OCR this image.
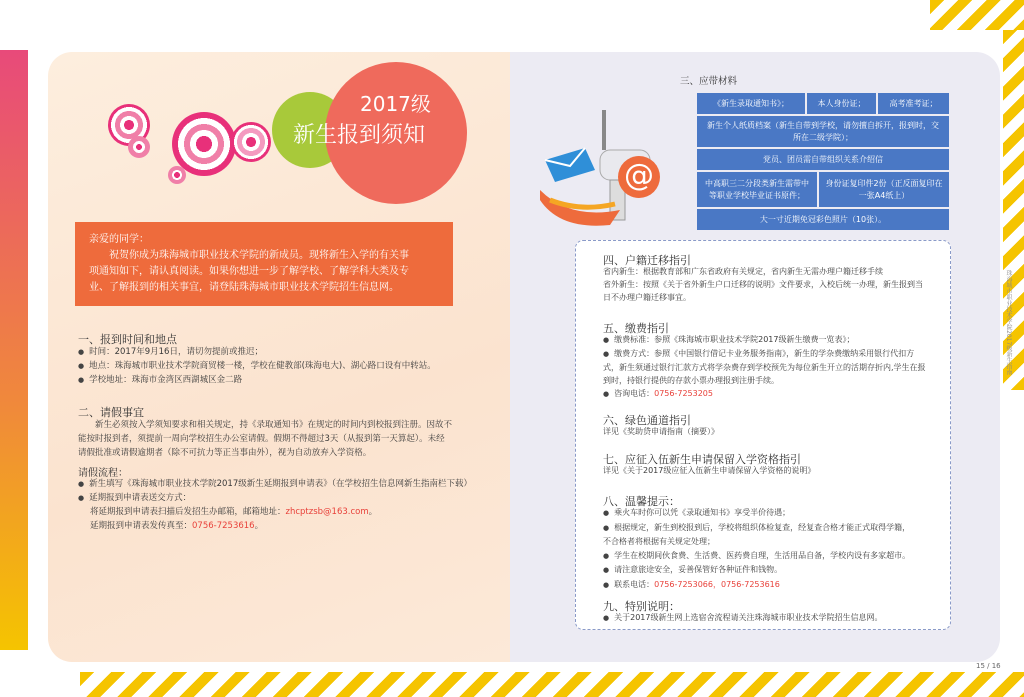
2017级
新生报到须知
亲爱的同学：
　　祝贺你成为珠海城市职业技术学院的新成员。现将新生入学的有关事
项通知如下，请认真阅读。如果你想进一步了解学校、了解学科大类及专
业、了解报到的相关事宜，请登陆珠海城市职业技术学院招生信息网。
一、报到时间和地点
● 时间：2017年9月16日，请切勿提前或推迟；
● 地点：珠海城市职业技术学院商贸楼一楼，学校在健教部(珠海电大)、湖心路口设有中转站。
● 学校地址：珠海市金湾区西湖城区金二路
二、请假事宜
　　新生必须按入学须知要求和相关规定，持《录取通知书》在规定的时间内到校报到注册。因故不
能按时报到者，须提前一周向学校招生办公室请假。假期不得超过3天（从报到第一天算起）。未经
请假批准或请假逾期者（除不可抗力等正当事由外），视为自动放弃入学资格。
请假流程：
● 新生填写《珠海城市职业技术学院2017级新生延期报到申请表》（在学校招生信息网新生指南栏下载）
● 延期报到申请表送交方式：
将延期报到申请表扫描后发招生办邮箱，邮箱地址：zhcptzsb@163.com。
延期报到申请表发传真至：0756-7253616。
@
三、应带材料
《新生录取通知书》；	本人身份证；	高考准考证；
新生个人纸质档案（新生自带到学校，请勿擅自拆开，报到时，交所在二级学院）；
党员、团员需自带组织关系介绍信
中高职三二分段类新生需带中等职业学校毕业证书原件；
身份证复印件2份（正反面复印在一张A4纸上）
大一寸近期免冠彩色照片（10张）。
四、户籍迁移指引
省内新生：根据教育部和广东省政府有关规定，省内新生无需办理户籍迁移手续
省外新生：按照《关于省外新生户口迁移的说明》文件要求，入校后统一办理，新生报到当
日不办理户籍迁移事宜。
五、缴费指引
● 缴费标准：参照《珠海城市职业技术学院2017级新生缴费一览表》；
● 缴费方式：参照《中国银行借记卡业务服务指南》，新生的学杂费缴纳采用银行代扣方
式，新生须通过银行汇款方式将学杂费存到学校预先为每位新生开立的活期存折内,学生在报
到时，持银行提供的存款小票办理报到注册手续。
● 咨询电话：0756-7253205
六、绿色通道指引
详见《奖助贷申请指南（摘要）》
七、应征入伍新生申请保留入学资格指引
详见《关于2017级应征入伍新生申请保留入学资格的说明》
八、温馨提示：
● 乘火车时你可以凭《录取通知书》享受半价待遇；
● 根据规定，新生到校报到后，学校将组织体检复查，经复查合格才能正式取得学籍，
不合格者将根据有关规定处理；
● 学生在校期间伙食费、生活费、医药费自理，生活用品自备，学校内设有多家超市。
● 请注意旅途安全，妥善保管好各种证件和钱物。
● 联系电话：0756-7253066，0756-7253616
九、特别说明：
● 关于2017级新生网上选宿舍流程请关注珠海城市职业技术学院招生信息网。
珠海城市职业技术学院2017级新生指南
15 / 16
